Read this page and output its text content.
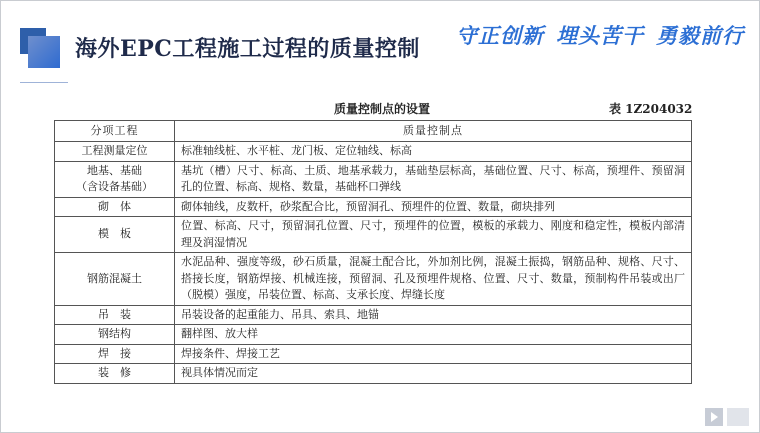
海外EPC工程施工过程的质量控制 守正创新 埋头苦干 勇毅前行
质量控制点的设置	表 1Z204032
分项工程	质量控制点
工程测量定位	标准轴线桩、水平桩、龙门板、定位轴线、标高
地基、基础
（含设备基础）	基坑（槽）尺寸、标高、土质、地基承载力，基础垫层标高，基础位置、尺寸、标高，预埋件、预留洞孔的位置、标高、规格、数量，基础杯口弹线
砌　体	砌体轴线，皮数杆，砂浆配合比，预留洞孔、预埋件的位置、数量，砌块排列
模　板	位置、标高、尺寸，预留洞孔位置、尺寸，预埋件的位置，模板的承载力、刚度和稳定性，模板内部清理及润湿情况
钢筋混凝土	水泥品种、强度等级，砂石质量，混凝土配合比，外加剂比例，混凝土振捣，钢筋品种、规格、尺寸、搭接长度，钢筋焊接、机械连接，预留洞、孔及预埋件规格、位置、尺寸、数量，预制构件吊装或出厂（脱模）强度，吊装位置、标高、支承长度、焊缝长度
吊　装	吊装设备的起重能力、吊具、索具、地锚
钢结构	翻样图、放大样
焊　接	焊接条件、焊接工艺
装　修	视具体情况而定
